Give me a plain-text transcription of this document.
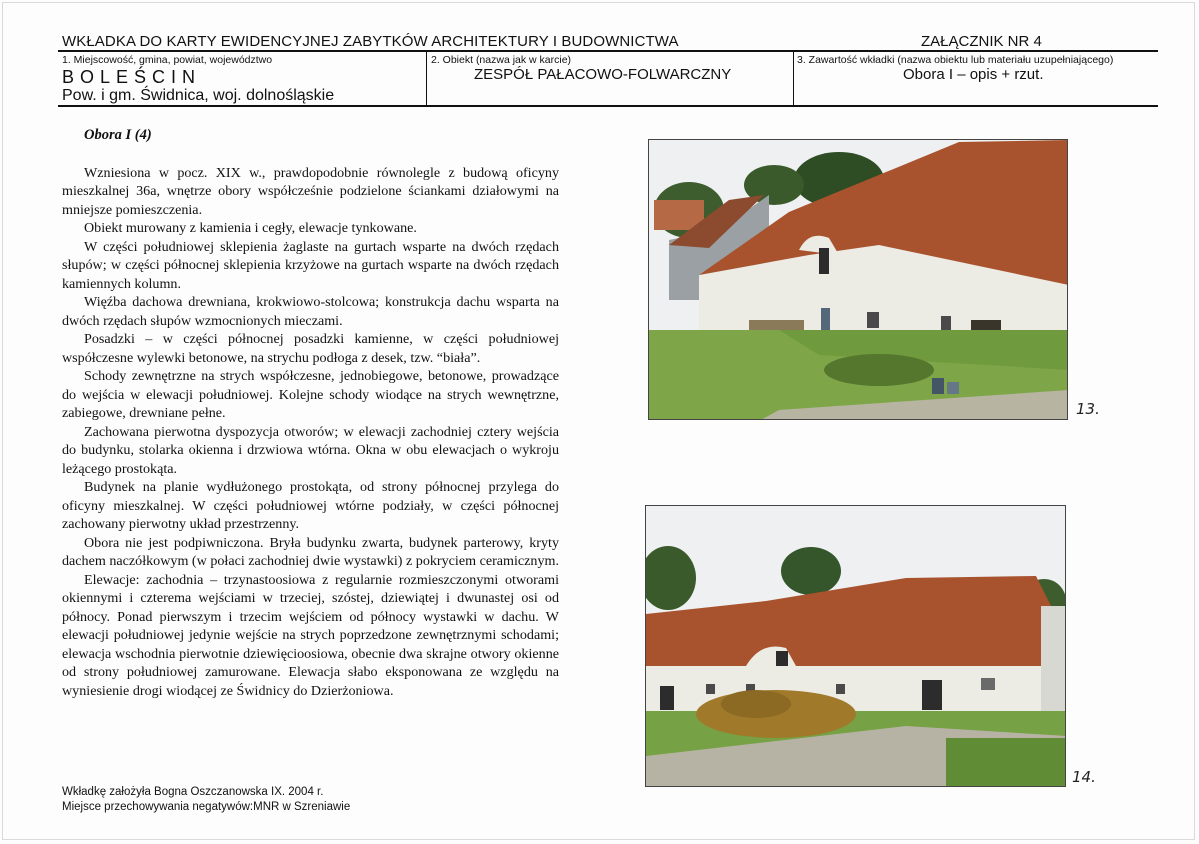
WKŁADKA DO KARTY EWIDENCYJNEJ ZABYTKÓW ARCHITEKTURY I BUDOWNICTWA	ZAŁĄCZNIK NR 4
1. Miejscowość, gmina, powiat, województwo
BOLEŚCIN
Pow. i gm. Świdnica, woj. dolnośląskie
2. Obiekt (nazwa jak w karcie)
ZESPÓŁ PAŁACOWO-FOLWARCZNY
3. Zawartość wkładki (nazwa obiektu lub materiału uzupełniającego)
Obora I – opis + rzut.
Obora I (4)

Wzniesiona w pocz. XIX w., prawdopodobnie równolegle z budową oficyny mieszkalnej 36a, wnętrze obory współcześnie podzielone ściankami działowymi na mniejsze pomieszczenia.

Obiekt murowany z kamienia i cegły, elewacje tynkowane.

W części południowej sklepienia żaglaste na gurtach wsparte na dwóch rzędach słupów; w części północnej sklepienia krzyżowe na gurtach wsparte na dwóch rzędach kamiennych kolumn.

Więźba dachowa drewniana, krokwiowo-stolcowa; konstrukcja dachu wsparta na dwóch rzędach słupów wzmocnionych mieczami.

Posadzki – w części północnej posadzki kamienne, w części południowej współczesne wylewki betonowe, na strychu podłoga z desek, tzw. “biała”.

Schody zewnętrzne na strych współczesne, jednobiegowe, betonowe, prowadzące do wejścia w elewacji południowej. Kolejne schody wiodące na strych wewnętrzne, zabiegowe, drewniane pełne.

Zachowana pierwotna dyspozycja otworów; w elewacji zachodniej cztery wejścia do budynku, stolarka okienna i drzwiowa wtórna. Okna w obu elewacjach o wykroju leżącego prostokąta.

Budynek na planie wydłużonego prostokąta, od strony północnej przylega do oficyny mieszkalnej. W części południowej wtórne podziały, w części północnej zachowany pierwotny układ przestrzenny.

Obora nie jest podpiwniczona. Bryła budynku zwarta, budynek parterowy, kryty dachem naczółkowym (w połaci zachodniej dwie wystawki) z pokryciem ceramicznym.

Elewacje: zachodnia – trzynastoosiowa z regularnie rozmieszczonymi otworami okiennymi i czterema wejściami w trzeciej, szóstej, dziewiątej i dwunastej osi od północy. Ponad pierwszym i trzecim wejściem od północy wystawki w dachu. W elewacji południowej jedynie wejście na strych poprzedzone zewnętrznymi schodami; elewacja wschodnia pierwotnie dziewięcioosiowa, obecnie dwa skrajne otwory okienne od strony południowej zamurowane. Elewacja słabo eksponowana ze względu na wyniesienie drogi wiodącej ze Świdnicy do Dzierżoniowa.

13.
14.
Wkładkę założyła Bogna Oszczanowska IX. 2004 r.
Miejsce przechowywania negatywów:MNR w Szreniawie
